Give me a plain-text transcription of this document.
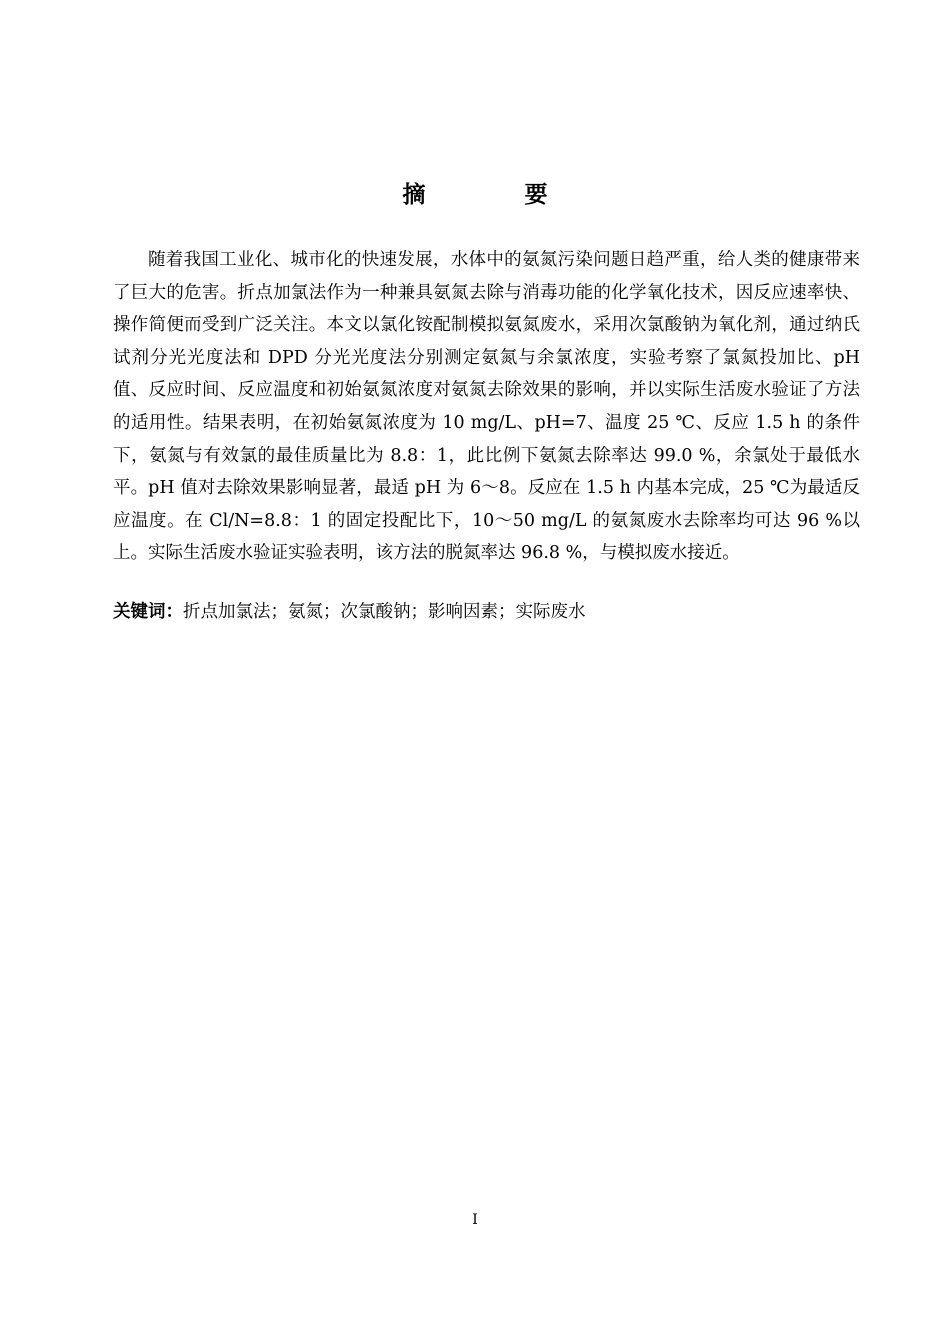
摘　要

随着我国工业化、城市化的快速发展，水体中的氨氮污染问题日趋严重，给人类的健康带来了巨大的危害。折点加氯法作为一种兼具氨氮去除与消毒功能的化学氧化技术，因反应速率快、操作简便而受到广泛关注。本文以氯化铵配制模拟氨氮废水，采用次氯酸钠为氧化剂，通过纳氏试剂分光光度法和 DPD 分光光度法分别测定氨氮与余氯浓度，实验考察了氯氮投加比、pH 值、反应时间、反应温度和初始氨氮浓度对氨氮去除效果的影响，并以实际生活废水验证了方法的适用性。结果表明，在初始氨氮浓度为 10 mg/L、pH=7、温度 25 ℃、反应 1.5 h 的条件下，氨氮与有效氯的最佳质量比为 8.8：1，此比例下氨氮去除率达 99.0 %，余氯处于最低水平。pH 值对去除效果影响显著，最适 pH 为 6～8。反应在 1.5 h 内基本完成，25 ℃为最适反应温度。在 Cl/N=8.8：1 的固定投配比下，10～50 mg/L 的氨氮废水去除率均可达 96 %以上。实际生活废水验证实验表明，该方法的脱氮率达 96.8 %，与模拟废水接近。

关键词：折点加氯法；氨氮；次氯酸钠；影响因素；实际废水

I
